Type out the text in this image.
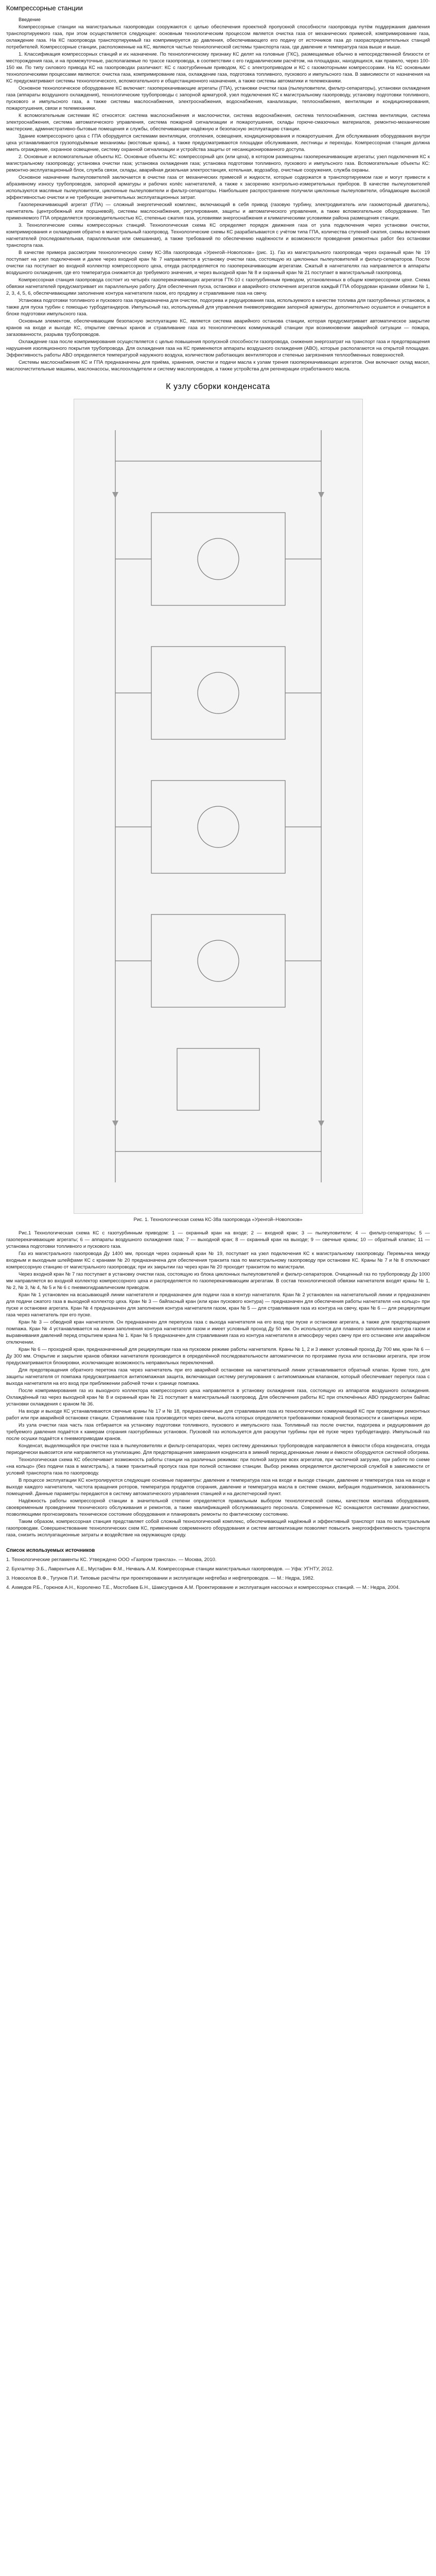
Компрессорные станции

Введение

Компрессорные станции на магистральных газопроводах сооружаются с целью обеспечения проектной пропускной способности газопровода путём поддержания давления транспортируемого газа, при этом осуществляется следующее: основным технологическим процессом является очистка газа от механических примесей, компримирование газа, охлаждение газа. На КС газопровода транспортируемый газ компримируется до давления, обеспечивающего его подачу от источников газа до газораспределительных станций потребителей. Компрессорные станции, расположенные на КС, являются частью технологической системы транспорта газа, где давление и температура газа выше и выше.

1. Классификация компрессорных станций и их назначение. По технологическому признаку КС делят на головные (ГКС), размещаемые обычно в непосредственной близости от месторождения газа, и на промежуточные, располагаемые по трассе газопровода, в соответствии с его гидравлическим расчётом, на площадках, находящихся, как правило, через 100-150 км. По типу силового привода КС на газопроводах различают: КС с газотурбинным приводом, КС с электроприводом и КС с газомоторными компрессорами. На КС основными технологическими процессами являются: очистка газа, компримирование газа, охлаждение газа, подготовка топливного, пускового и импульсного газа. В зависимости от назначения на КС предусматривают системы технологического, вспомогательного и общестанционного назначения, а также системы автоматики и телемеханики.

Основное технологическое оборудование КС включает: газоперекачивающие агрегаты (ГПА), установки очистки газа (пылеуловители, фильтр-сепараторы), установки охлаждения газа (аппараты воздушного охлаждения), технологические трубопроводы с запорной арматурой, узел подключения КС к магистральному газопроводу, установку подготовки топливного, пускового и импульсного газа, а также системы маслоснабжения, электроснабжения, водоснабжения, канализации, теплоснабжения, вентиляции и кондиционирования, пожаротушения, связи и телемеханики.

К вспомогательным системам КС относятся: система маслоснабжения и маслоочистки, система водоснабжения, система теплоснабжения, система вентиляции, система электроснабжения, система автоматического управления, система пожарной сигнализации и пожаротушения, склады горюче-смазочных материалов, ремонтно-механические мастерские, административно-бытовые помещения и службы, обеспечивающие надёжную и безопасную эксплуатацию станции.

Здание компрессорного цеха с ГПА оборудуется системами вентиляции, отопления, освещения, кондиционирования и пожаротушения. Для обслуживания оборудования внутри цеха устанавливаются грузоподъёмные механизмы (мостовые краны), а также предусматриваются площадки обслуживания, лестницы и переходы. Компрессорная станция должна иметь ограждение, охранное освещение, систему охранной сигнализации и устройства защиты от несанкционированного доступа.

2. Основные и вспомогательные объекты КС. Основные объекты КС: компрессорный цех (или цеха), в котором размещены газоперекачивающие агрегаты; узел подключения КС к магистральному газопроводу; установка очистки газа; установка охлаждения газа; установка подготовки топливного, пускового и импульсного газа. Вспомогательные объекты КС: ремонтно-эксплуатационный блок, служба связи, склады, аварийная дизельная электростанция, котельная, водозабор, очистные сооружения, служба охраны.

Основное назначение пылеуловителей заключается в очистке газа от механических примесей и жидкости, которые содержатся в транспортируемом газе и могут привести к абразивному износу трубопроводов, запорной арматуры и рабочих колёс нагнетателей, а также к засорению контрольно-измерительных приборов. В качестве пылеуловителей используются масляные пылеуловители, циклонные пылеуловители и фильтр-сепараторы. Наибольшее распространение получили циклонные пылеуловители, обладающие высокой эффективностью очистки и не требующие значительных эксплуатационных затрат.

Газоперекачивающий агрегат (ГПА) — сложный энергетический комплекс, включающий в себя привод (газовую турбину, электродвигатель или газомоторный двигатель), нагнетатель (центробежный или поршневой), системы маслоснабжения, регулирования, защиты и автоматического управления, а также вспомогательное оборудование. Тип применяемого ГПА определяется производительностью КС, степенью сжатия газа, условиями энергоснабжения и климатическими условиями района размещения станции.

3. Технологические схемы компрессорных станций. Технологическая схема КС определяет порядок движения газа от узла подключения через установки очистки, компримирования и охлаждения обратно в магистральный газопровод. Технологические схемы КС разрабатываются с учётом типа ГПА, количества ступеней сжатия, схемы включения нагнетателей (последовательная, параллельная или смешанная), а также требований по обеспечению надёжности и возможности проведения ремонтных работ без остановки транспорта газа.

В качестве примера рассмотрим технологическую схему КС-38а газопровода «Уренгой–Новопсков» (рис. 1). Газ из магистрального газопровода через охранный кран № 19 поступает на узел подключения и далее через входной кран № 7 направляется в установку очистки газа, состоящую из циклонных пылеуловителей и фильтр-сепараторов. После очистки газ поступает во входной коллектор компрессорного цеха, откуда распределяется по газоперекачивающим агрегатам. Сжатый в нагнетателях газ направляется в аппараты воздушного охлаждения, где его температура снижается до требуемого значения, и через выходной кран № 8 и охранный кран № 21 поступает в магистральный газопровод.

Компрессорная станция газопровода состоит из четырёх газоперекачивающих агрегатов ГТК-10 с газотурбинным приводом, установленных в общем компрессорном цехе. Схема обвязки нагнетателей предусматривает их параллельную работу. Для обеспечения пуска, остановки и аварийного отключения агрегатов каждый ГПА оборудован кранами обвязки № 1, 2, 3, 4, 5, 6, обеспечивающими заполнение контура нагнетателя газом, его продувку и стравливание газа на свечу.

Установка подготовки топливного и пускового газа предназначена для очистки, подогрева и редуцирования газа, используемого в качестве топлива для газотурбинных установок, а также для пуска турбин с помощью турбодетандеров. Импульсный газ, используемый для управления пневмоприводами запорной арматуры, дополнительно осушается и очищается в блоке подготовки импульсного газа.

Основным элементом, обеспечивающим безопасную эксплуатацию КС, является система аварийного останова станции, которая предусматривает автоматическое закрытие кранов на входе и выходе КС, открытие свечных кранов и стравливание газа из технологических коммуникаций станции при возникновении аварийной ситуации — пожара, загазованности, разрыва трубопроводов.

Охлаждение газа после компримирования осуществляется с целью повышения пропускной способности газопровода, снижения энергозатрат на транспорт газа и предотвращения нарушения изоляционного покрытия трубопровода. Для охлаждения газа на КС применяются аппараты воздушного охлаждения (АВО), которые располагаются на открытой площадке. Эффективность работы АВО определяется температурой наружного воздуха, количеством работающих вентиляторов и степенью загрязнения теплообменных поверхностей.

Системы маслоснабжения КС и ГПА предназначены для приёма, хранения, очистки и подачи масла к узлам трения газоперекачивающих агрегатов. Они включают склад масел, маслоочистительные машины, маслонасосы, маслоохладители и систему маслопроводов, а также устройства для регенерации отработанного масла.

К узлу сборки конденсата
Рис. 1. Технологическая схема КС-38а газопровода «Уренгой–Новопсков»

Рис.1 Технологическая схема КС с газотурбинным приводом: 1 — охранный кран на входе; 2 — входной кран; 3 — пылеуловители; 4 — фильтр-сепараторы; 5 — газоперекачивающие агрегаты; 6 — аппараты воздушного охлаждения газа; 7 — выходной кран; 8 — охранный кран на выходе; 9 — свечные краны; 10 — обратный клапан; 11 — установка подготовки топливного и пускового газа.

Газ из магистрального газопровода Ду 1400 мм, проходя через охранный кран № 19, поступает на узел подключения КС к магистральному газопроводу. Перемычка между входным и выходным шлейфами КС с кранами № 20 предназначена для обеспечения транзита газа по магистральному газопроводу при остановке КС. Краны № 7 и № 8 отключают компрессорную станцию от магистрального газопровода; при их закрытии газ через кран № 20 проходит транзитом по магистрали.

Через входной кран № 7 газ поступает в установку очистки газа, состоящую из блока циклонных пылеуловителей и фильтр-сепараторов. Очищенный газ по трубопроводу Ду 1000 мм направляется во входной коллектор компрессорного цеха и распределяется по газоперекачивающим агрегатам. В состав технологической обвязки нагнетателя входят краны № 1, № 2, № 3, № 4, № 5 и № 6 с пневмогидравлическим приводом.

Кран № 1 установлен на всасывающей линии нагнетателя и предназначен для подачи газа в контур нагнетателя. Кран № 2 установлен на нагнетательной линии и предназначен для подачи сжатого газа в выходной коллектор цеха. Кран № 3 — байпасный кран (или кран пускового контура) — предназначен для обеспечения работы нагнетателя «на кольцо» при пуске и остановке агрегата. Кран № 4 предназначен для заполнения контура нагнетателя газом, кран № 5 — для стравливания газа из контура на свечу, кран № 6 — для рециркуляции газа через нагнетатель при его пуске.

Кран № 3 — обводной кран нагнетателя. Он предназначен для перепуска газа с выхода нагнетателя на его вход при пуске и остановке агрегата, а также для предотвращения помпажа. Кран № 4 устанавливается на линии заполнения контура нагнетателя газом и имеет условный проход Ду 50 мм. Он используется для плавного заполнения контура газом и выравнивания давлений перед открытием крана № 1. Кран № 5 предназначен для стравливания газа из контура нагнетателя в атмосферу через свечу при его остановке или аварийном отключении.

Кран № 6 — проходной кран, предназначенный для рециркуляции газа на пусковом режиме работы нагнетателя. Краны № 1, 2 и 3 имеют условный проход Ду 700 мм, кран № 6 — Ду 300 мм. Открытие и закрытие кранов обвязки нагнетателя производится в определённой последовательности автоматически по программе пуска или остановки агрегата, при этом предусматриваются блокировки, исключающие возможность неправильных переключений.

Для предотвращения обратного перетока газа через нагнетатель при его аварийной остановке на нагнетательной линии устанавливается обратный клапан. Кроме того, для защиты нагнетателя от помпажа предусматривается антипомпажная защита, включающая систему регулирования с антипомпажным клапаном, который обеспечивает перепуск газа с выхода нагнетателя на его вход при приближении рабочей точки к границе помпажа.

После компримирования газ из выходного коллектора компрессорного цеха направляется в установку охлаждения газа, состоящую из аппаратов воздушного охлаждения. Охлаждённый газ через выходной кран № 8 и охранный кран № 21 поступает в магистральный газопровод. Для обеспечения работы КС при отключённых АВО предусмотрен байпас установки охлаждения с краном № 36.

На входе и выходе КС устанавливаются свечные краны № 17 и № 18, предназначенные для стравливания газа из технологических коммуникаций КС при проведении ремонтных работ или при аварийной остановке станции. Стравливание газа производится через свечи, высота которых определяется требованиями пожарной безопасности и санитарных норм.

Из узла очистки газа часть газа отбирается на установку подготовки топливного, пускового и импульсного газа. Топливный газ после очистки, подогрева и редуцирования до требуемого давления подаётся к камерам сгорания газотурбинных установок. Пусковой газ используется для раскрутки турбины при её пуске через турбодетандер. Импульсный газ после осушки подаётся к пневмоприводам кранов.

Конденсат, выделяющийся при очистке газа в пылеуловителях и фильтр-сепараторах, через систему дренажных трубопроводов направляется в ёмкости сбора конденсата, откуда периодически вывозится или направляется на утилизацию. Для предотвращения замерзания конденсата в зимний период дренажные линии и ёмкости оборудуются системой обогрева.

Технологическая схема КС обеспечивает возможность работы станции на различных режимах: при полной загрузке всех агрегатов, при частичной загрузке, при работе по схеме «на кольцо» (без подачи газа в магистраль), а также транзитный пропуск газа при полной остановке станции. Выбор режима определяется диспетчерской службой в зависимости от условий транспорта газа по газопроводу.

В процессе эксплуатации КС контролируются следующие основные параметры: давление и температура газа на входе и выходе станции, давление и температура газа на входе и выходе каждого нагнетателя, частота вращения роторов, температура продуктов сгорания, давление и температура масла в системе смазки, вибрация подшипников, загазованность помещений. Данные параметры передаются в систему автоматического управления станцией и на диспетчерский пункт.

Надёжность работы компрессорной станции в значительной степени определяется правильным выбором технологической схемы, качеством монтажа оборудования, своевременным проведением технического обслуживания и ремонтов, а также квалификацией обслуживающего персонала. Современные КС оснащаются системами диагностики, позволяющими прогнозировать техническое состояние оборудования и планировать ремонты по фактическому состоянию.

Таким образом, компрессорная станция представляет собой сложный технологический комплекс, обеспечивающий надёжный и эффективный транспорт газа по магистральным газопроводам. Совершенствование технологических схем КС, применение современного оборудования и систем автоматизации позволяет повысить энергоэффективность транспорта газа, снизить эксплуатационные затраты и воздействие на окружающую среду.

Список используемых источников
1. Технологические регламенты КС. Утверждено ООО «Газпром трансгаз». — Москва, 2010.
2. Бухгалтер Э.Б., Лаврентьев А.Е., Мустафин Ф.М., Нечваль А.М. Компрессорные станции магистральных газопроводов. — Уфа: УГНТУ, 2012.
3. Новоселов В.Ф., Тугунов П.И. Типовые расчёты при проектировании и эксплуатации нефтебаз и нефтепроводов. — М.: Недра, 1982.
4. Ахмедов Р.Б., Горюнов А.Н., Короленко Т.Е., Мостобаев Б.Н., Шамсутдинов А.М. Проектирование и эксплуатация насосных и компрессорных станций. — М.: Недра, 2004.
